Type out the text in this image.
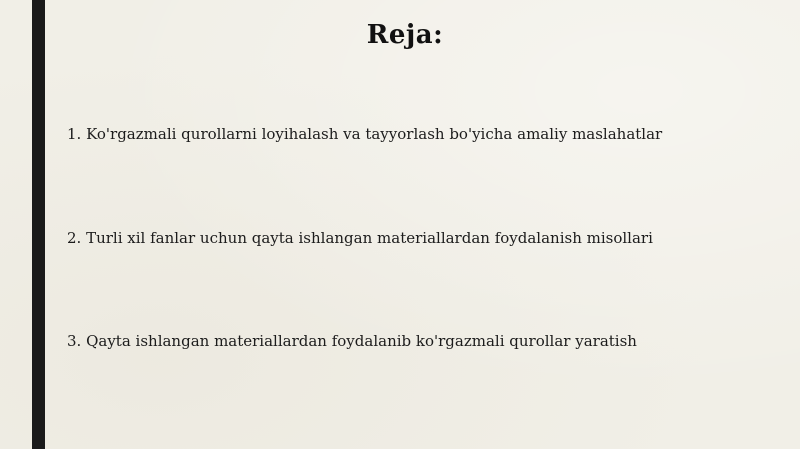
Reja:
1. Ko'rgazmali qurollarni loyihalash va tayyorlash bo'yicha amaliy maslahatlar
2. Turli xil fanlar uchun qayta ishlangan materiallardan foydalanish misollari
3. Qayta ishlangan materiallardan foydalanib ko'rgazmali qurollar yaratish
